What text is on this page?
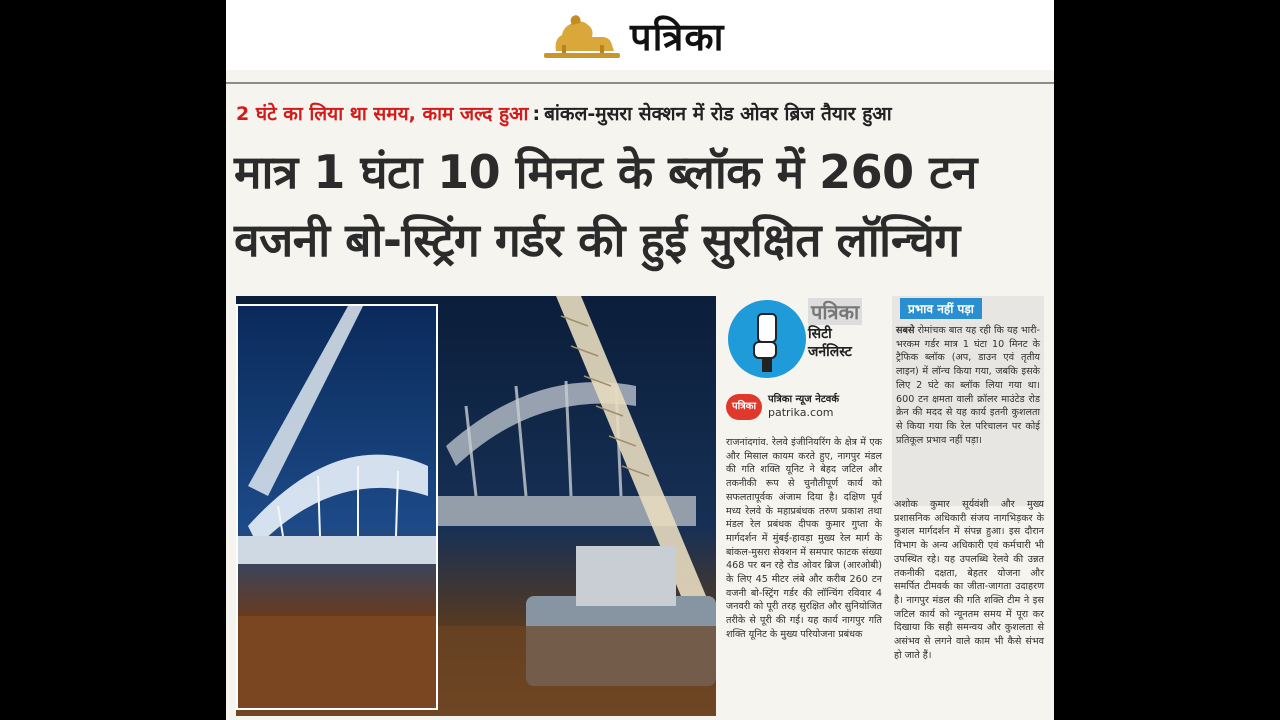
पत्रिका
2 घंटे का लिया था समय, काम जल्द हुआ : बांकल-मुसरा सेक्शन में रोड ओवर ब्रिज तैयार हुआ
मात्र 1 घंटा 10 मिनट के ब्लॉक में 260 टन
वजनी बो-स्ट्रिंग गर्डर की हुई सुरक्षित लॉन्चिंग
पत्रिका
सिटी
जर्नलिस्ट
पत्रिका
पत्रिका न्यूज नेटवर्क
patrika.com
राजनांदगांव. रेलवे इंजीनियरिंग के क्षेत्र में एक और मिसाल कायम करते हुए, नागपुर मंडल की गति शक्ति यूनिट ने बेहद जटिल और तकनीकी रूप से चुनौतीपूर्ण कार्य को सफलतापूर्वक अंजाम दिया है। दक्षिण पूर्व मध्य रेलवे के महाप्रबंधक तरुण प्रकाश तथा मंडल रेल प्रबंधक दीपक कुमार गुप्ता के मार्गदर्शन में मुंबई-हावड़ा मुख्य रेल मार्ग के बांकल-मुसरा सेक्शन में समपार फाटक संख्या 468 पर बन रहे रोड ओवर ब्रिज (आरओबी) के लिए 45 मीटर लंबे और करीब 260 टन वजनी बो-स्ट्रिंग गर्डर की लॉन्चिंग रविवार 4 जनवरी को पूरी तरह सुरक्षित और सुनियोजित तरीके से पूरी की गई। यह कार्य नागपुर गति शक्ति यूनिट के मुख्य परियोजना प्रबंधक
प्रभाव नहीं पड़ा
सबसे रोमांचक बात यह रही कि यह भारी-भरकम गर्डर मात्र 1 घंटा 10 मिनट के ट्रैफिक ब्लॉक (अप, डाउन एवं तृतीय लाइन) में लॉन्च किया गया, जबकि इसके लिए 2 घंटे का ब्लॉक लिया गया था। 600 टन क्षमता वाली क्रॉलर माउंटेड रोड क्रेन की मदद से यह कार्य इतनी कुशलता से किया गया कि रेल परिचालन पर कोई प्रतिकूल प्रभाव नहीं पड़ा।
अशोक कुमार सूर्यवंशी और मुख्य प्रशासनिक अधिकारी संजय नागभिड़कर के कुशल मार्गदर्शन में संपन्न हुआ। इस दौरान विभाग के अन्य अधिकारी एवं कर्मचारी भी उपस्थित रहे। यह उपलब्धि रेलवे की उन्नत तकनीकी दक्षता, बेहतर योजना और समर्पित टीमवर्क का जीता-जागता उदाहरण है। नागपुर मंडल की गति शक्ति टीम ने इस जटिल कार्य को न्यूनतम समय में पूरा कर दिखाया कि सही समन्वय और कुशलता से असंभव से लगने वाले काम भी कैसे संभव हो जाते हैं।
